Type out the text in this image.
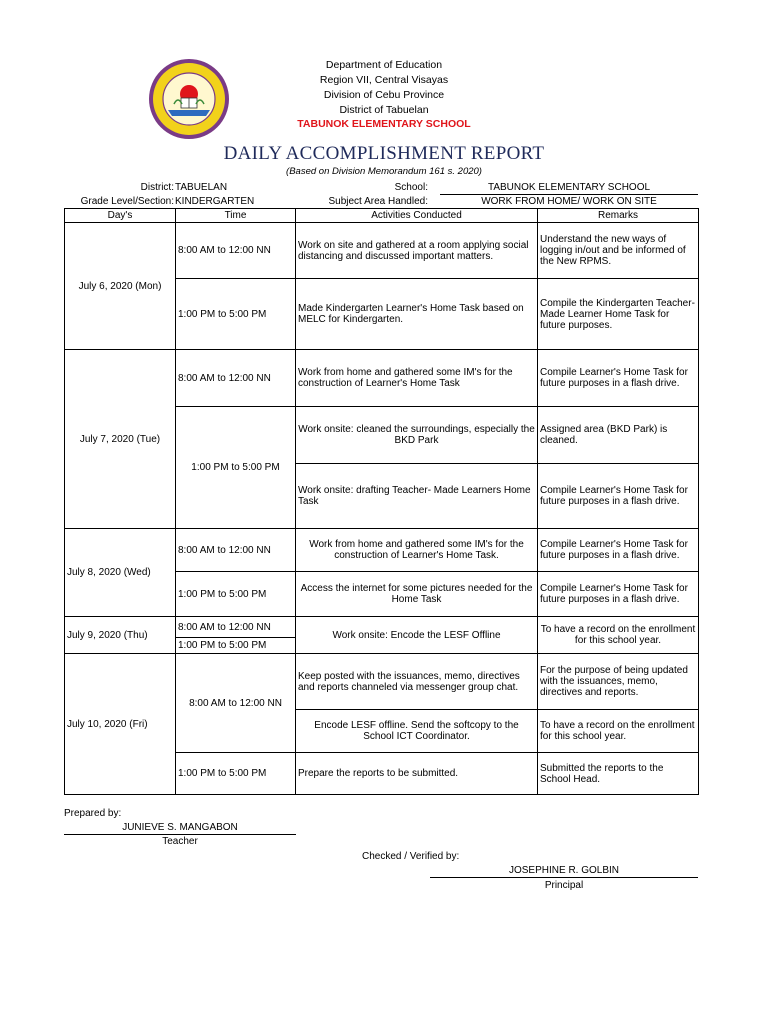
Department of Education
Region VII, Central Visayas
Division of Cebu Province
District of Tabuelan
TABUNOK ELEMENTARY SCHOOL
DAILY ACCOMPLISHMENT REPORT
(Based on Division Memorandum 161 s. 2020)
District: TABUELAN	School:	TABUNOK ELEMENTARY SCHOOL
Grade Level/Section: KINDERGARTEN	Subject Area Handled:	WORK FROM HOME/ WORK ON SITE
Day's	Time	Activities Conducted	Remarks
July 6, 2020 (Mon)	8:00 AM to 12:00 NN	Work on site and gathered at a room applying social distancing and discussed important matters.	Understand the new ways of logging in/out and be informed of the New RPMS.
	1:00 PM to 5:00 PM	Made Kindergarten Learner's Home Task based on MELC for Kindergarten.	Compile the Kindergarten Teacher-Made Learner Home Task for future purposes.
July 7, 2020 (Tue)	8:00 AM to 12:00 NN	Work from home and gathered some IM's for the construction of Learner's Home Task	Compile Learner's Home Task for future purposes in a flash drive.
	1:00 PM to 5:00 PM	Work onsite: cleaned the surroundings, especially the BKD Park	Assigned area (BKD Park) is cleaned.
		Work onsite: drafting Teacher- Made Learners Home Task	Compile Learner's Home Task for future purposes in a flash drive.
July 8, 2020 (Wed)	8:00 AM to 12:00 NN	Work from home and gathered some IM's for the construction of Learner's Home Task.	Compile Learner's Home Task for future purposes in a flash drive.
	1:00 PM to 5:00 PM	Access the internet for some pictures needed for the Home Task	Compile Learner's Home Task for future purposes in a flash drive.
July 9, 2020 (Thu)	8:00 AM to 12:00 NN	Work onsite: Encode the LESF Offline	To have a record on the enrollment for this school year.
	1:00 PM to 5:00 PM		
July 10, 2020 (Fri)	8:00 AM to 12:00 NN	Keep posted with the issuances, memo, directives and reports channeled via messenger group chat.	For the purpose of being updated with the issuances, memo, directives and reports.
		Encode LESF offline. Send the softcopy to the School ICT Coordinator.	To have a record on the enrollment for this school year.
	1:00 PM to 5:00 PM	Prepare the reports to be submitted.	Submitted the reports to the School Head.
Prepared by:
JUNIEVE S. MANGABON
Teacher
Checked / Verified by:
JOSEPHINE R. GOLBIN
Principal
